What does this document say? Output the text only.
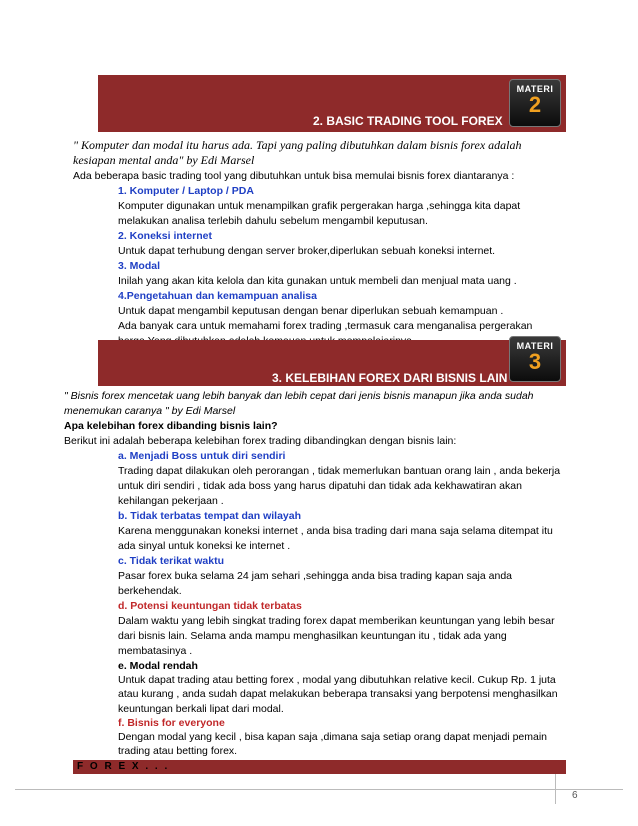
2. BASIC TRADING TOOL FOREX
MATERI
2
" Komputer dan modal itu harus ada. Tapi yang paling dibutuhkan dalam bisnis forex adalah
kesiapan mental anda" by Edi Marsel
Ada beberapa basic trading tool yang dibutuhkan untuk bisa memulai bisnis forex diantaranya :
1. Komputer / Laptop / PDA
Komputer digunakan untuk menampilkan grafik pergerakan harga ,sehingga kita dapat
melakukan analisa terlebih dahulu sebelum mengambil keputusan.
2. Koneksi internet
Untuk dapat terhubung dengan server broker,diperlukan sebuah koneksi internet.
3. Modal
Inilah yang akan kita kelola dan kita gunakan untuk membeli dan menjual mata uang .
4.Pengetahuan dan kemampuan analisa
Untuk dapat mengambil keputusan dengan benar diperlukan sebuah kemampuan .
Ada banyak cara untuk memahami forex trading ,termasuk cara menganalisa pergerakan
3. KELEBIHAN FOREX DARI BISNIS LAIN
MATERI
3
" Bisnis forex mencetak uang lebih banyak dan lebih cepat dari jenis bisnis manapun jika anda sudah
menemukan caranya " by Edi Marsel
Apa kelebihan forex dibanding bisnis lain?
Berikut ini adalah beberapa kelebihan forex trading dibandingkan dengan bisnis lain:
a. Menjadi Boss untuk diri sendiri
Trading dapat dilakukan oleh perorangan , tidak memerlukan bantuan orang lain , anda bekerja
untuk diri sendiri , tidak ada boss yang harus dipatuhi dan tidak ada kekhawatiran akan
kehilangan pekerjaan .
b. Tidak terbatas tempat dan wilayah
Karena menggunakan koneksi internet , anda bisa trading dari mana saja selama ditempat itu
ada sinyal untuk koneksi ke internet .
c. Tidak terikat waktu
Pasar forex buka selama 24 jam sehari ,sehingga anda bisa trading kapan saja anda
berkehendak.
d. Potensi keuntungan tidak terbatas
Dalam waktu yang lebih singkat trading forex dapat memberikan keuntungan yang lebih besar
dari bisnis lain. Selama anda mampu menghasilkan keuntungan itu , tidak ada yang
membatasinya .
e. Modal rendah
Untuk dapat trading atau betting forex , modal yang dibutuhkan relative kecil. Cukup Rp. 1 juta
atau kurang , anda sudah dapat melakukan beberapa transaksi yang berpotensi menghasilkan
keuntungan berkali lipat dari modal.
f. Bisnis for everyone
F O R E X . . .
6
Dengan modal yang kecil , bisa kapan saja ,dimana saja setiap orang dapat menjadi pemain
trading atau betting forex.
